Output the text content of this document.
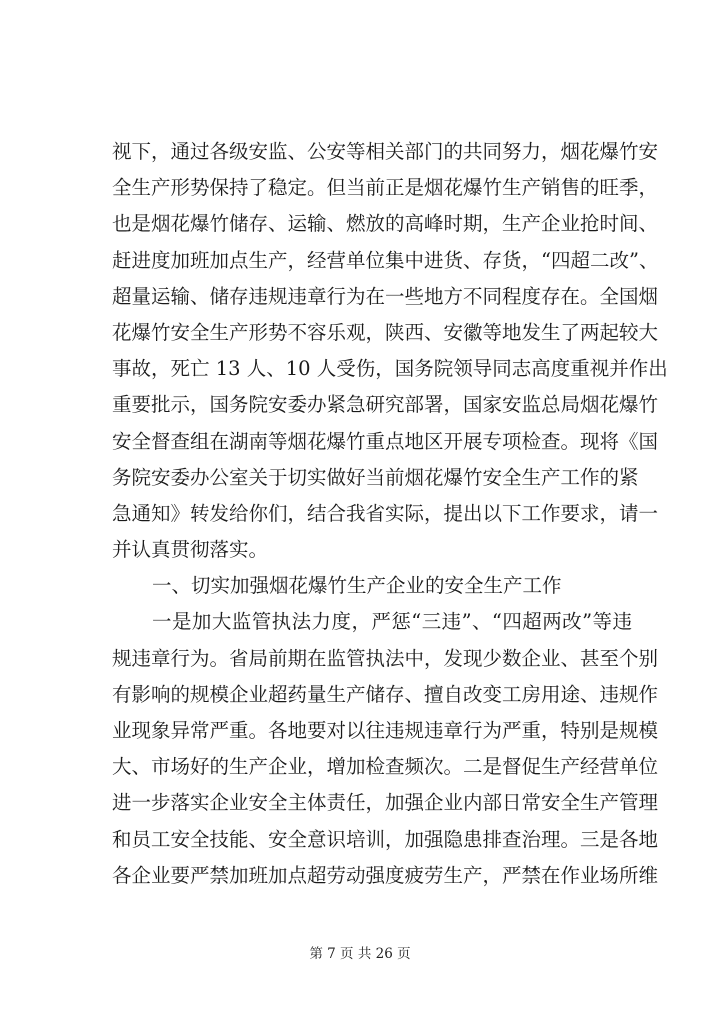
视下，通过各级安监、公安等相关部门的共同努力，烟花爆竹安
全生产形势保持了稳定。但当前正是烟花爆竹生产销售的旺季，
也是烟花爆竹储存、运输、燃放的高峰时期，生产企业抢时间、
赶进度加班加点生产，经营单位集中进货、存货，“四超二改”、
超量运输、储存违规违章行为在一些地方不同程度存在。全国烟
花爆竹安全生产形势不容乐观，陕西、安徽等地发生了两起较大
事故，死亡 13 人、10 人受伤，国务院领导同志高度重视并作出
重要批示，国务院安委办紧急研究部署，国家安监总局烟花爆竹
安全督查组在湖南等烟花爆竹重点地区开展专项检查。现将《国
务院安委办公室关于切实做好当前烟花爆竹安全生产工作的紧
急通知》转发给你们，结合我省实际，提出以下工作要求，请一
并认真贯彻落实。
一、切实加强烟花爆竹生产企业的安全生产工作
一是加大监管执法力度，严惩“三违”、“四超两改”等违
规违章行为。省局前期在监管执法中，发现少数企业、甚至个别
有影响的规模企业超药量生产储存、擅自改变工房用途、违规作
业现象异常严重。各地要对以往违规违章行为严重，特别是规模
大、市场好的生产企业，增加检查频次。二是督促生产经营单位
进一步落实企业安全主体责任，加强企业内部日常安全生产管理
和员工安全技能、安全意识培训，加强隐患排查治理。三是各地
各企业要严禁加班加点超劳动强度疲劳生产，严禁在作业场所维
第 7 页 共 26 页
